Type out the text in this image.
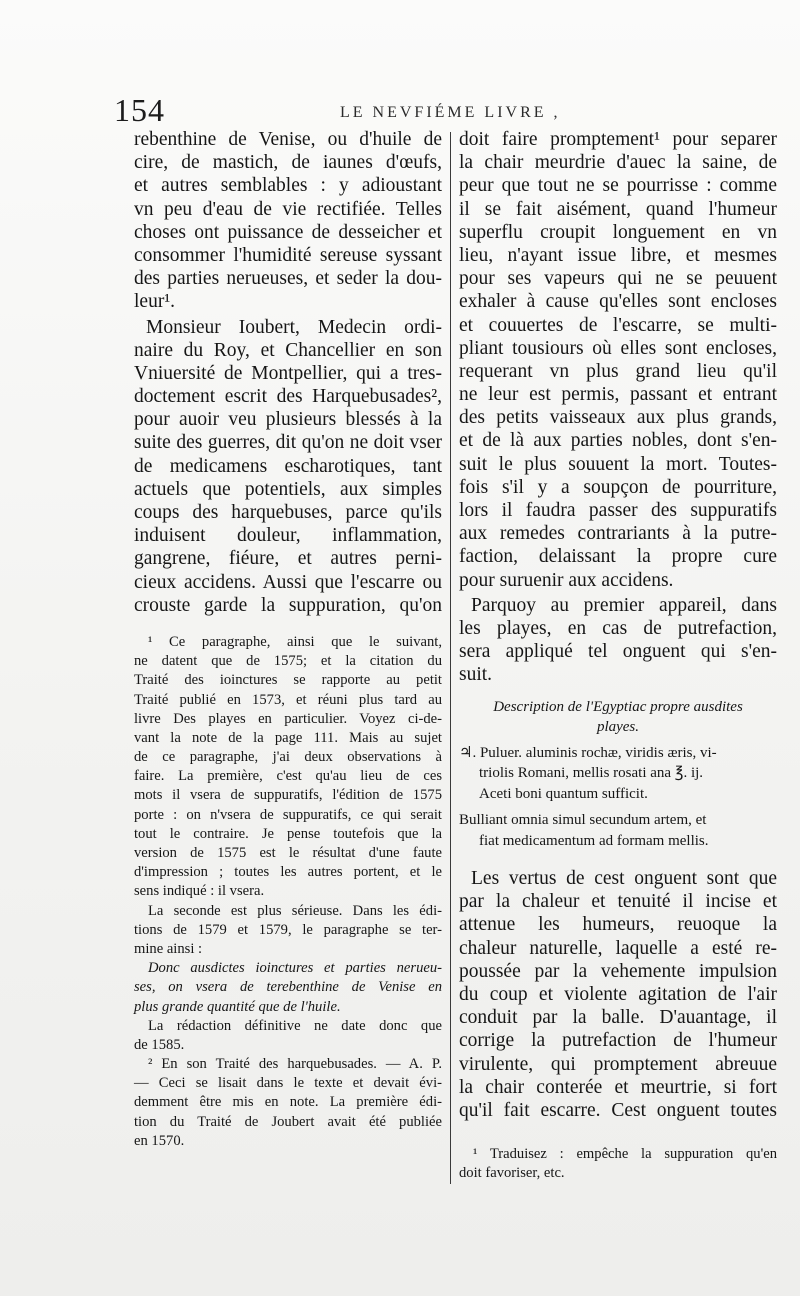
154	LE NEVFIÉME LIVRE ,
rebenthine de Venise, ou d'huile de
cire, de mastich, de iaunes d'œufs,
et autres semblables : y adioustant
vn peu d'eau de vie rectifiée. Telles
choses ont puissance de desseicher et
consommer l'humidité sereuse syssant
des parties nerueuses, et seder la dou-
leur¹.
Monsieur Ioubert, Medecin ordi-
naire du Roy, et Chancellier en son
Vniuersité de Montpellier, qui a tres-
doctement escrit des Harquebusades²,
pour auoir veu plusieurs blessés à la
suite des guerres, dit qu'on ne doit vser
de medicamens escharotiques, tant
actuels que potentiels, aux simples
coups des harquebuses, parce qu'ils
induisent douleur, inflammation,
gangrene, fiéure, et autres perni-
cieux accidens. Aussi que l'escarre ou
crouste garde la suppuration, qu'on
¹ Ce paragraphe, ainsi que le suivant,
ne datent que de 1575; et la citation du
Traité des ioinctures se rapporte au petit
Traité publié en 1573, et réuni plus tard au
livre Des playes en particulier. Voyez ci-de-
vant la note de la page 111. Mais au sujet
de ce paragraphe, j'ai deux observations à
faire. La première, c'est qu'au lieu de ces
mots il vsera de suppuratifs, l'édition de 1575
porte : on n'vsera de suppuratifs, ce qui serait
tout le contraire. Je pense toutefois que la
version de 1575 est le résultat d'une faute
d'impression ; toutes les autres portent, et le
sens indiqué : il vsera.
La seconde est plus sérieuse. Dans les édi-
tions de 1579 et 1579, le paragraphe se ter-
mine ainsi :
Donc ausdictes ioinctures et parties nerueu-
ses, on vsera de terebenthine de Venise en
plus grande quantité que de l'huile.
La rédaction définitive ne date donc que
de 1585.
² En son Traité des harquebusades. — A. P.
— Ceci se lisait dans le texte et devait évi-
demment être mis en note. La première édi-
tion du Traité de Joubert avait été publiée
en 1570.
doit faire promptement¹ pour separer
la chair meurdrie d'auec la saine, de
peur que tout ne se pourrisse : comme
il se fait aisément, quand l'humeur
superflu croupit longuement en vn
lieu, n'ayant issue libre, et mesmes
pour ses vapeurs qui ne se peuuent
exhaler à cause qu'elles sont encloses
et couuertes de l'escarre, se multi-
pliant tousiours où elles sont encloses,
requerant vn plus grand lieu qu'il
ne leur est permis, passant et entrant
des petits vaisseaux aux plus grands,
et de là aux parties nobles, dont s'en-
suit le plus souuent la mort. Toutes-
fois s'il y a soupçon de pourriture,
lors il faudra passer des suppuratifs
aux remedes contrariants à la putre-
faction, delaissant la propre cure
pour suruenir aux accidens.
Parquoy au premier appareil, dans
les playes, en cas de putrefaction,
sera appliqué tel onguent qui s'en-
suit.
Description de l'Egyptiac propre ausdites
playes.
♃. Puluer. aluminis rochæ, viridis æris, vi-
triolis Romani, mellis rosati ana ℥. ij.
Aceti boni quantum sufficit.
Bulliant omnia simul secundum artem, et
fiat medicamentum ad formam mellis.
Les vertus de cest onguent sont que
par la chaleur et tenuité il incise et
attenue les humeurs, reuoque la
chaleur naturelle, laquelle a esté re-
poussée par la vehemente impulsion
du coup et violente agitation de l'air
conduit par la balle. D'auantage, il
corrige la putrefaction de l'humeur
virulente, qui promptement abreuue
la chair conterée et meurtrie, si fort
qu'il fait escarre. Cest onguent toutes
¹ Traduisez : empêche la suppuration qu'en
doit favoriser, etc.
